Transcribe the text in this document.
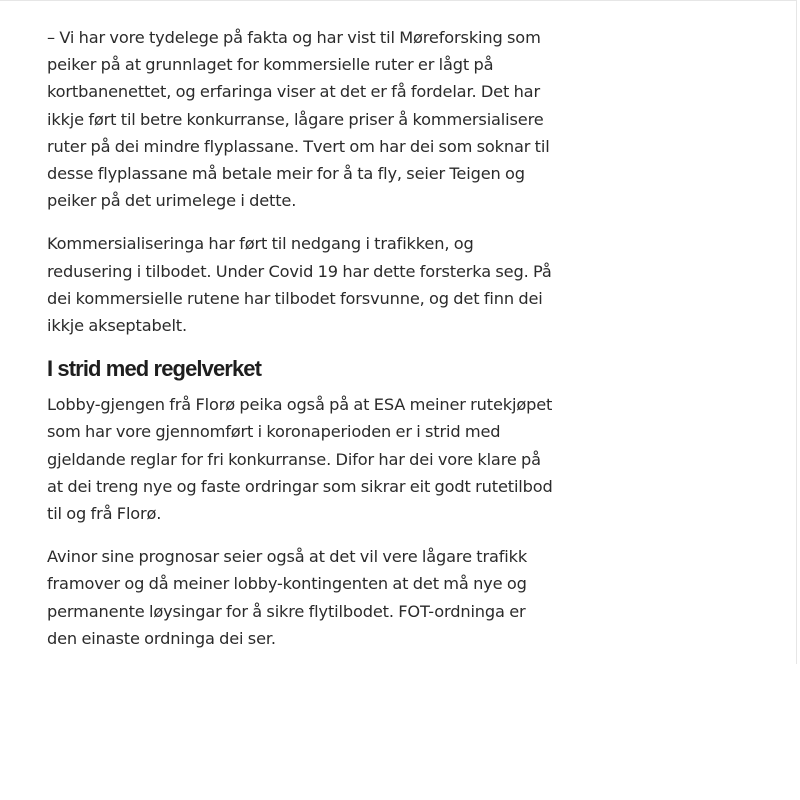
– Vi har vore tydelege på fakta og har vist til Møreforsking som peiker på at grunnlaget for kommersielle ruter er lågt på kortbanenettet, og erfaringa viser at det er få fordelar. Det har ikkje ført til betre konkurranse, lågare priser å kommersialisere ruter på dei mindre flyplassane. Tvert om har dei som soknar til desse flyplassane må betale meir for å ta fly, seier Teigen og peiker på det urimelege i dette.

Kommersialiseringa har ført til nedgang i trafikken, og redusering i tilbodet. Under Covid 19 har dette forsterka seg. På dei kommersielle rutene har tilbodet forsvunne, og det finn dei ikkje akseptabelt.

I strid med regelverket

Lobby-gjengen frå Florø peika også på at ESA meiner rutekjøpet som har vore gjennomført i koronaperioden er i strid med gjeldande reglar for fri konkurranse. Difor har dei vore klare på at dei treng nye og faste ordringar som sikrar eit godt rutetilbod til og frå Florø.

Avinor sine prognosar seier også at det vil vere lågare trafikk framover og då meiner lobby-kontingenten at det må nye og permanente løysingar for å sikre flytilbodet. FOT-ordninga er den einaste ordninga dei ser.
